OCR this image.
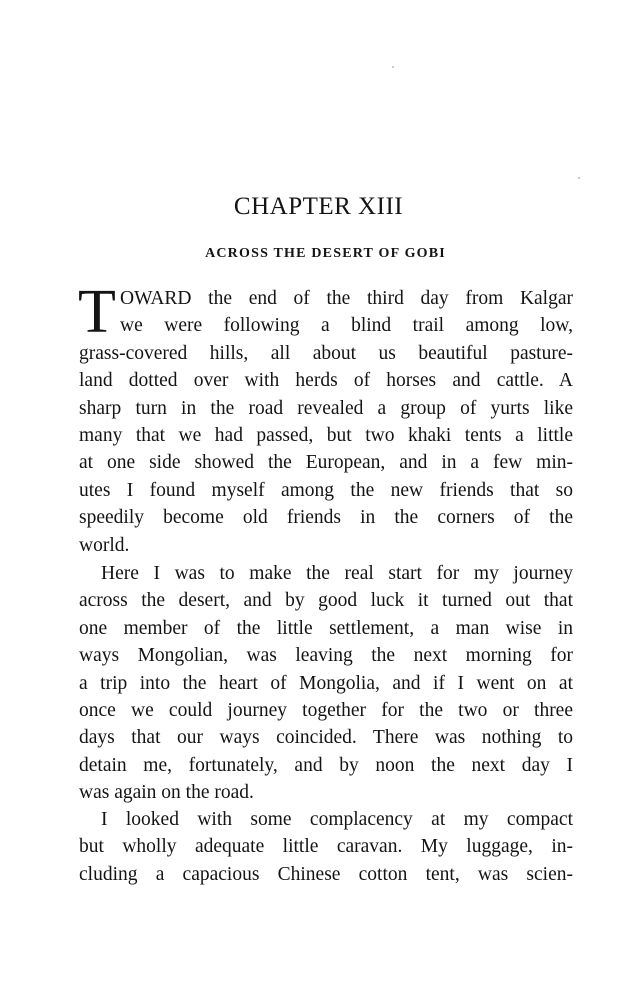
CHAPTER XIII
ACROSS THE DESERT OF GOBI
T OWARD the end of the third day from Kalgar
we were following a blind trail among low,
grass-covered hills, all about us beautiful pasture-
land dotted over with herds of horses and cattle. A
sharp turn in the road revealed a group of yurts like
many that we had passed, but two khaki tents a little
at one side showed the European, and in a few min-
utes I found myself among the new friends that so
speedily become old friends in the corners of the
world.
Here I was to make the real start for my journey
across the desert, and by good luck it turned out that
one member of the little settlement, a man wise in
ways Mongolian, was leaving the next morning for
a trip into the heart of Mongolia, and if I went on at
once we could journey together for the two or three
days that our ways coincided. There was nothing to
detain me, fortunately, and by noon the next day I
was again on the road.
I looked with some complacency at my compact
but wholly adequate little caravan. My luggage, in-
cluding a capacious Chinese cotton tent, was scien-
